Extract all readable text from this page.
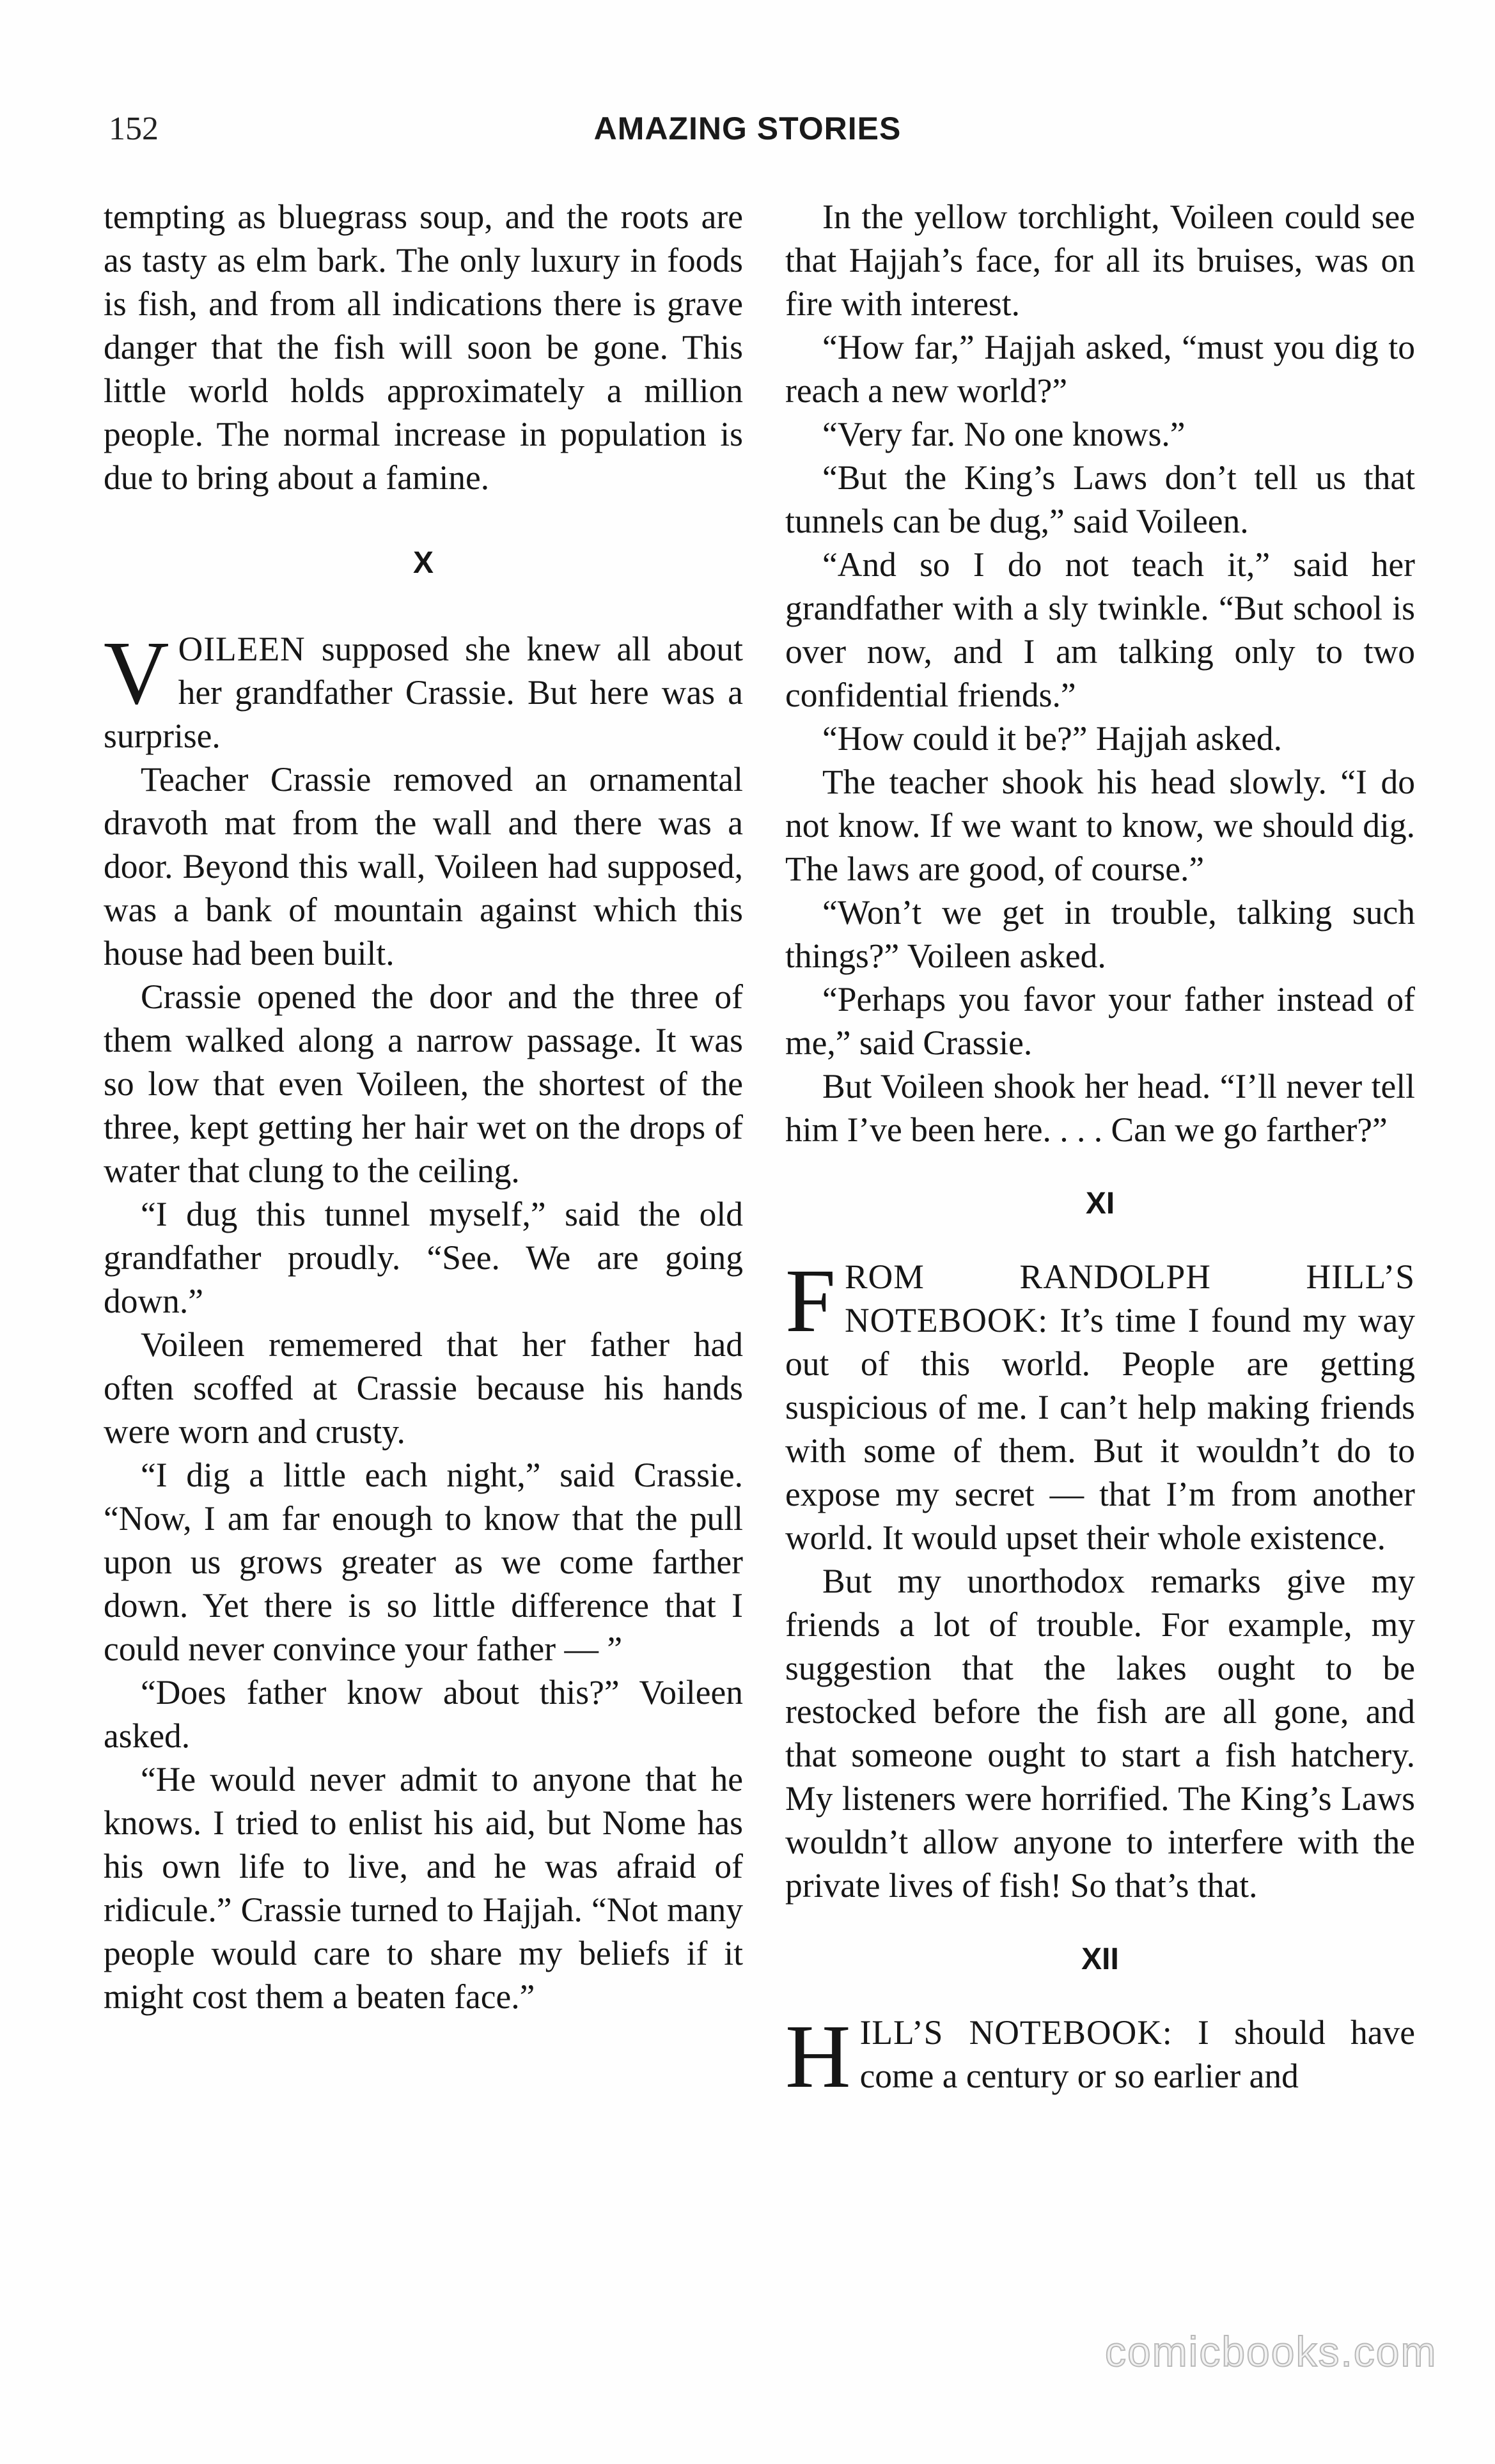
152	AMAZING STORIES

tempting as bluegrass soup, and the roots are as tasty as elm bark. The only luxury in foods is fish, and from all indications there is grave danger that the fish will soon be gone. This little world holds approximately a million people. The normal increase in population is due to bring about a famine.

X

VOILEEN supposed she knew all about her grandfather Crassie. But here was a surprise.

Teacher Crassie removed an ornamental dravoth mat from the wall and there was a door. Beyond this wall, Voileen had supposed, was a bank of mountain against which this house had been built.

Crassie opened the door and the three of them walked along a narrow passage. It was so low that even Voileen, the shortest of the three, kept getting her hair wet on the drops of water that clung to the ceiling.

“I dug this tunnel myself,” said the old grandfather proudly. “See. We are going down.”

Voileen rememered that her father had often scoffed at Crassie because his hands were worn and crusty.

“I dig a little each night,” said Crassie. “Now, I am far enough to know that the pull upon us grows greater as we come farther down. Yet there is so little difference that I could never convince your father — ”

“Does father know about this?” Voileen asked.

“He would never admit to anyone that he knows. I tried to enlist his aid, but Nome has his own life to live, and he was afraid of ridicule.” Crassie turned to Hajjah. “Not many people would care to share my beliefs if it might cost them a beaten face.”

In the yellow torchlight, Voileen could see that Hajjah’s face, for all its bruises, was on fire with interest.

“How far,” Hajjah asked, “must you dig to reach a new world?”

“Very far. No one knows.”

“But the King’s Laws don’t tell us that tunnels can be dug,” said Voileen.

“And so I do not teach it,” said her grandfather with a sly twinkle. “But school is over now, and I am talking only to two confidential friends.”

“How could it be?” Hajjah asked.

The teacher shook his head slowly. “I do not know. If we want to know, we should dig. The laws are good, of course.”

“Won’t we get in trouble, talking such things?” Voileen asked.

“Perhaps you favor your father instead of me,” said Crassie.

But Voileen shook her head. “I’ll never tell him I’ve been here. . . . Can we go farther?”

XI

FROM RANDOLPH HILL’S NOTEBOOK: It’s time I found my way out of this world. People are getting suspicious of me. I can’t help making friends with some of them. But it wouldn’t do to expose my secret — that I’m from another world. It would upset their whole existence.

But my unorthodox remarks give my friends a lot of trouble. For example, my suggestion that the lakes ought to be restocked before the fish are all gone, and that someone ought to start a fish hatchery. My listeners were horrified. The King’s Laws wouldn’t allow anyone to interfere with the private lives of fish! So that’s that.

XII

HILL’S NOTEBOOK: I should have come a century or so earlier and

comicbooks.com
